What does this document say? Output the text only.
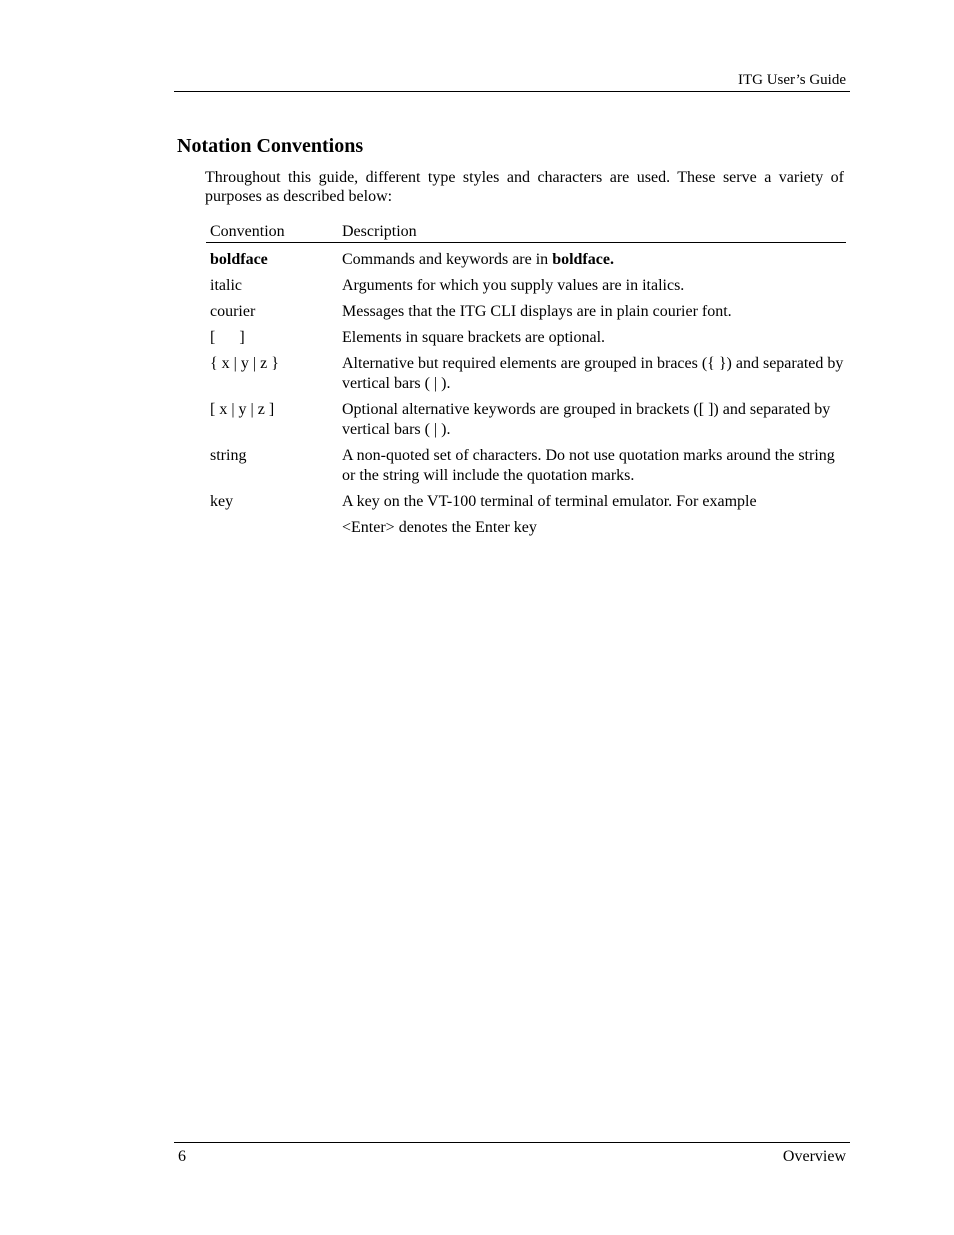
ITG User’s Guide
Notation Conventions

Throughout this guide, different type styles and characters are used. These serve a variety of purposes as described below:

Convention	Description
boldface	Commands and keywords are in boldface.
italic	Arguments for which you supply values are in italics.
courier	Messages that the ITG CLI displays are in plain courier font.
[      ]	Elements in square brackets are optional.
{ x | y | z }	Alternative but required elements are grouped in braces ({ }) and separated by vertical bars ( | ).
[ x | y | z ]	Optional alternative keywords are grouped in brackets ([ ]) and separated by vertical bars ( | ).
string	A non-quoted set of characters. Do not use quotation marks around the string or the string will include the quotation marks.
key	A key on the VT-100 terminal of terminal emulator. For example
	<Enter> denotes the Enter key
6	Overview
